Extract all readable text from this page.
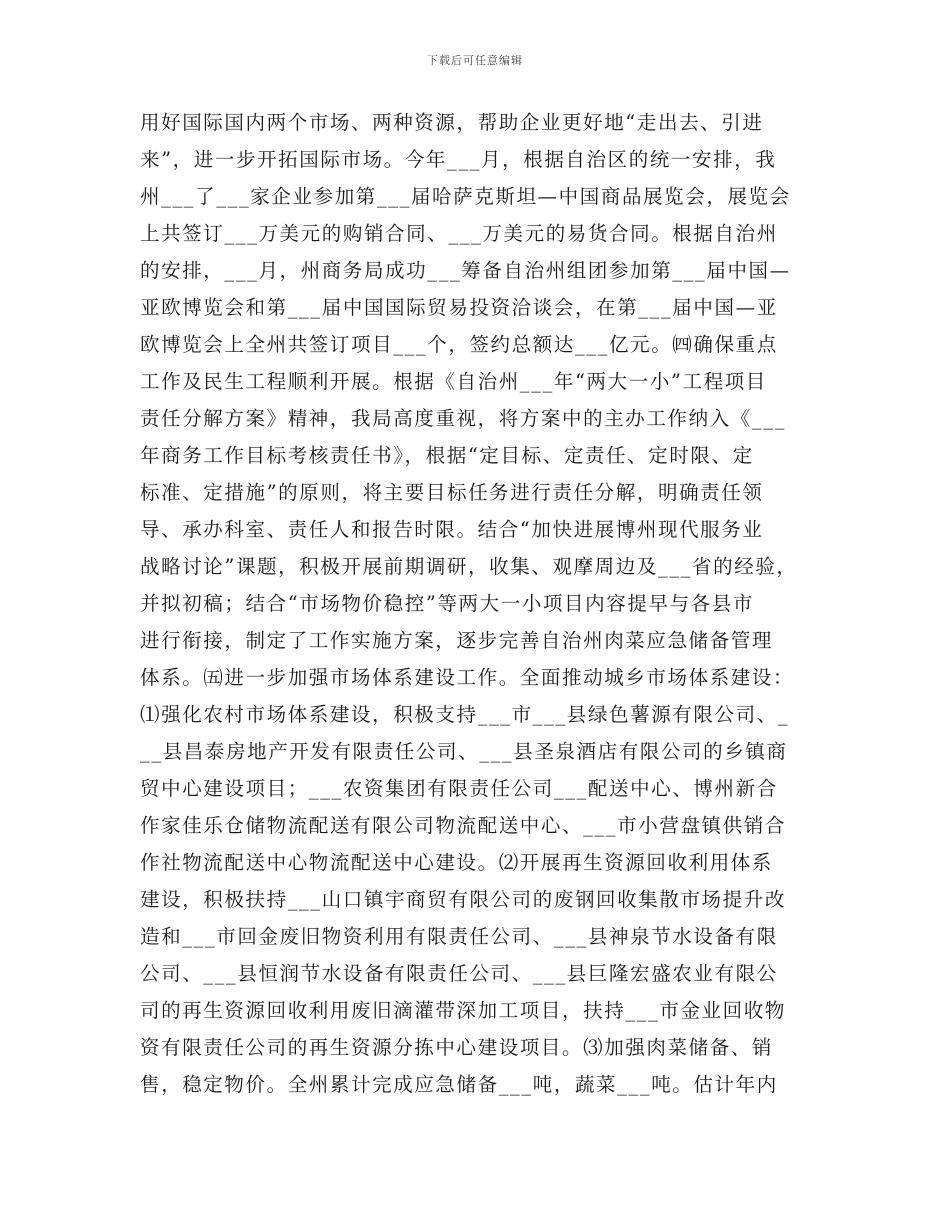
下载后可任意编辑
用好国际国内两个市场、两种资源，帮助企业更好地“走出去、引进
来”，进一步开拓国际市场。今年___月，根据自治区的统一安排，我
州___了___家企业参加第___届哈萨克斯坦—中国商品展览会，展览会
上共签订___万美元的购销合同、___万美元的易货合同。根据自治州
的安排，___月，州商务局成功___筹备自治州组团参加第___届中国—
亚欧博览会和第___届中国国际贸易投资洽谈会，在第___届中国—亚
欧博览会上全州共签订项目___个，签约总额达___亿元。㈣确保重点
工作及民生工程顺利开展。根据《自治州___年“两大一小”工程项目
责任分解方案》精神，我局高度重视，将方案中的主办工作纳入《___
年商务工作目标考核责任书》，根据“定目标、定责任、定时限、定
标准、定措施”的原则，将主要目标任务进行责任分解，明确责任领
导、承办科室、责任人和报告时限。结合“加快进展博州现代服务业
战略讨论”课题，积极开展前期调研，收集、观摩周边及___省的经验，
并拟初稿；结合“市场物价稳控”等两大一小项目内容提早与各县市
进行衔接，制定了工作实施方案，逐步完善自治州肉菜应急储备管理
体系。㈤进一步加强市场体系建设工作。全面推动城乡市场体系建设：
⑴强化农村市场体系建设，积极支持___市___县绿色薯源有限公司、_
__县昌泰房地产开发有限责任公司、___县圣泉酒店有限公司的乡镇商
贸中心建设项目；___农资集团有限责任公司___配送中心、博州新合
作家佳乐仓储物流配送有限公司物流配送中心、___市小营盘镇供销合
作社物流配送中心物流配送中心建设。⑵开展再生资源回收利用体系
建设，积极扶持___山口镇宇商贸有限公司的废钢回收集散市场提升改
造和___市回金废旧物资利用有限责任公司、___县神泉节水设备有限
公司、___县恒润节水设备有限责任公司、___县巨隆宏盛农业有限公
司的再生资源回收利用废旧滴灌带深加工项目，扶持___市金业回收物
资有限责任公司的再生资源分拣中心建设项目。⑶加强肉菜储备、销
售，稳定物价。全州累计完成应急储备___吨，蔬菜___吨。估计年内
